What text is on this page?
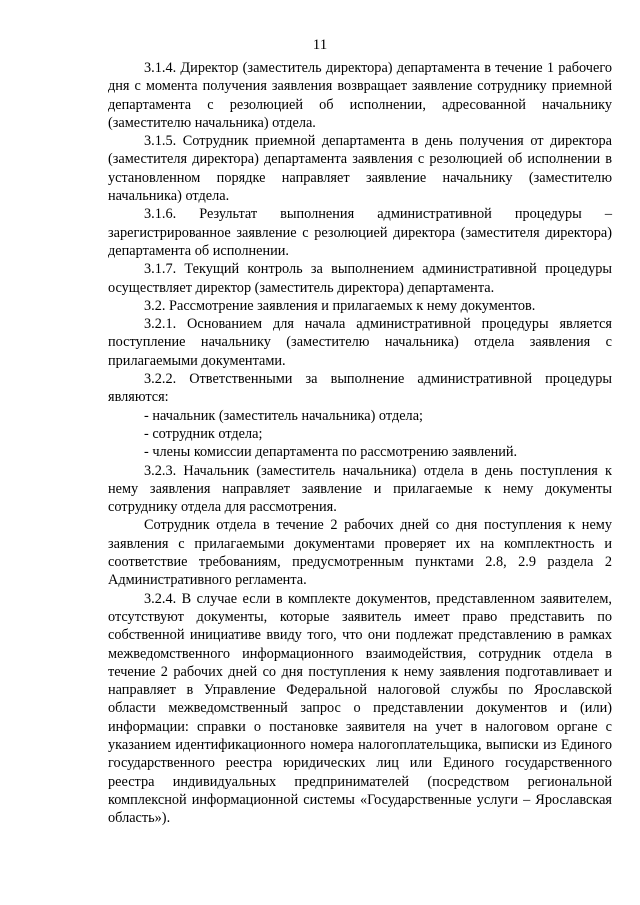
11

3.1.4. Директор (заместитель директора) департамента в течение 1 рабочего дня с момента получения заявления возвращает заявление сотруднику приемной департамента с резолюцией об исполнении, адресованной начальнику (заместителю начальника) отдела.

3.1.5. Сотрудник приемной департамента в день получения от директора (заместителя директора) департамента заявления с резолюцией об исполнении в установленном порядке направляет заявление начальнику (заместителю начальника) отдела.

3.1.6. Результат выполнения административной процедуры – зарегистрированное заявление с резолюцией директора (заместителя директора) департамента об исполнении.

3.1.7. Текущий контроль за выполнением административной процедуры осуществляет директор (заместитель директора) департамента.

3.2. Рассмотрение заявления и прилагаемых к нему документов.

3.2.1. Основанием для начала административной процедуры является поступление начальнику (заместителю начальника) отдела заявления с прилагаемыми документами.

3.2.2. Ответственными за выполнение административной процедуры являются:

- начальник (заместитель начальника) отдела;

- сотрудник отдела;

- члены комиссии департамента по рассмотрению заявлений.

3.2.3. Начальник (заместитель начальника) отдела в день поступления к нему заявления направляет заявление и прилагаемые к нему документы сотруднику отдела для рассмотрения.

Сотрудник отдела в течение 2 рабочих дней со дня поступления к нему заявления с прилагаемыми документами проверяет их на комплектность и соответствие требованиям, предусмотренным пунктами 2.8, 2.9 раздела 2 Административного регламента.

3.2.4. В случае если в комплекте документов, представленном заявителем, отсутствуют документы, которые заявитель имеет право представить по собственной инициативе ввиду того, что они подлежат представлению в рамках межведомственного информационного взаимодействия, сотрудник отдела в течение 2 рабочих дней со дня поступления к нему заявления подготавливает и направляет в Управление Федеральной налоговой службы по Ярославской области межведомственный запрос о представлении документов и (или) информации: справки о постановке заявителя на учет в налоговом органе с указанием идентификационного номера налогоплательщика, выписки из Единого государственного реестра юридических лиц или Единого государственного реестра индивидуальных предпринимателей (посредством региональной комплексной информационной системы «Государственные услуги – Ярославская область»).
